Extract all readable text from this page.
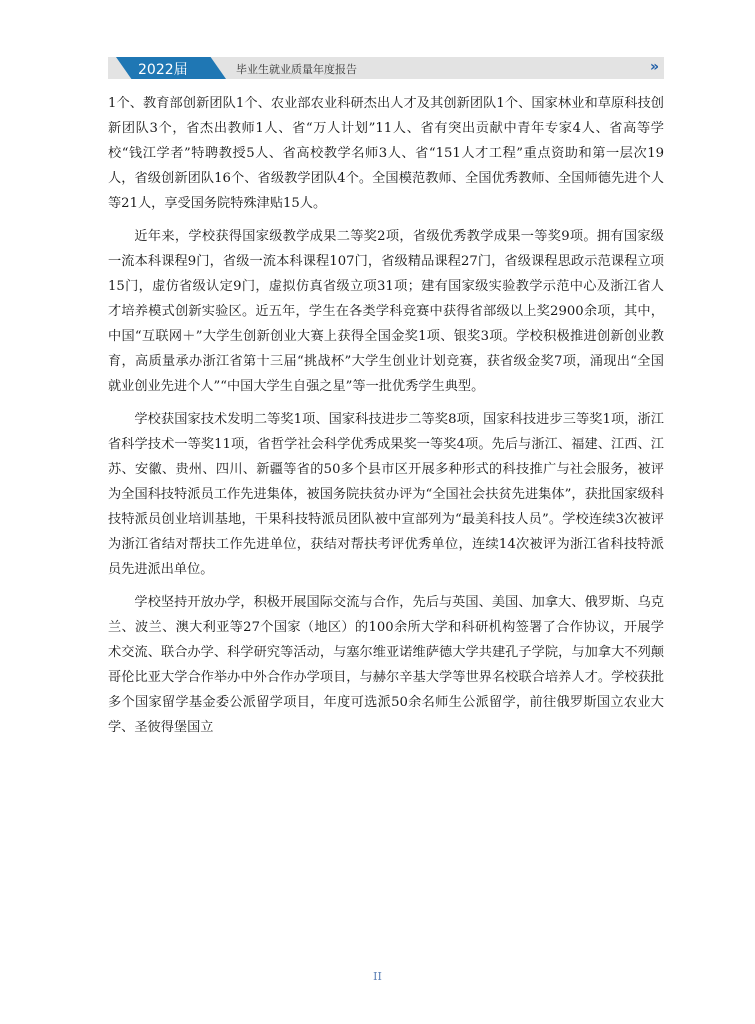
2022届	毕业生就业质量年度报告	»

1个、教育部创新团队1个、农业部农业科研杰出人才及其创新团队1个、国家林业和草原科技创新团队3个，省杰出教师1人、省“万人计划”11人、省有突出贡献中青年专家4人、省高等学校“钱江学者”特聘教授5人、省高校教学名师3人、省“151人才工程”重点资助和第一层次19人，省级创新团队16个、省级教学团队4个。全国模范教师、全国优秀教师、全国师德先进个人等21人，享受国务院特殊津贴15人。

近年来，学校获得国家级教学成果二等奖2项，省级优秀教学成果一等奖9项。拥有国家级一流本科课程9门，省级一流本科课程107门，省级精品课程27门，省级课程思政示范课程立项15门，虚仿省级认定9门，虚拟仿真省级立项31项；建有国家级实验教学示范中心及浙江省人才培养模式创新实验区。近五年，学生在各类学科竞赛中获得省部级以上奖2900余项，其中，中国“互联网＋”大学生创新创业大赛上获得全国金奖1项、银奖3项。学校积极推进创新创业教育，高质量承办浙江省第十三届“挑战杯”大学生创业计划竞赛，获省级金奖7项，涌现出“全国就业创业先进个人”“中国大学生自强之星”等一批优秀学生典型。

学校获国家技术发明二等奖1项、国家科技进步二等奖8项，国家科技进步三等奖1项，浙江省科学技术一等奖11项，省哲学社会科学优秀成果奖一等奖4项。先后与浙江、福建、江西、江苏、安徽、贵州、四川、新疆等省的50多个县市区开展多种形式的科技推广与社会服务，被评为全国科技特派员工作先进集体，被国务院扶贫办评为“全国社会扶贫先进集体”，获批国家级科技特派员创业培训基地，干果科技特派员团队被中宣部列为“最美科技人员”。学校连续3次被评为浙江省结对帮扶工作先进单位，获结对帮扶考评优秀单位，连续14次被评为浙江省科技特派员先进派出单位。

学校坚持开放办学，积极开展国际交流与合作，先后与英国、美国、加拿大、俄罗斯、乌克兰、波兰、澳大利亚等27个国家（地区）的100余所大学和科研机构签署了合作协议，开展学术交流、联合办学、科学研究等活动，与塞尔维亚诺维萨德大学共建孔子学院，与加拿大不列颠哥伦比亚大学合作举办中外合作办学项目，与赫尔辛基大学等世界名校联合培养人才。学校获批多个国家留学基金委公派留学项目，年度可选派50余名师生公派留学，前往俄罗斯国立农业大学、圣彼得堡国立

II
